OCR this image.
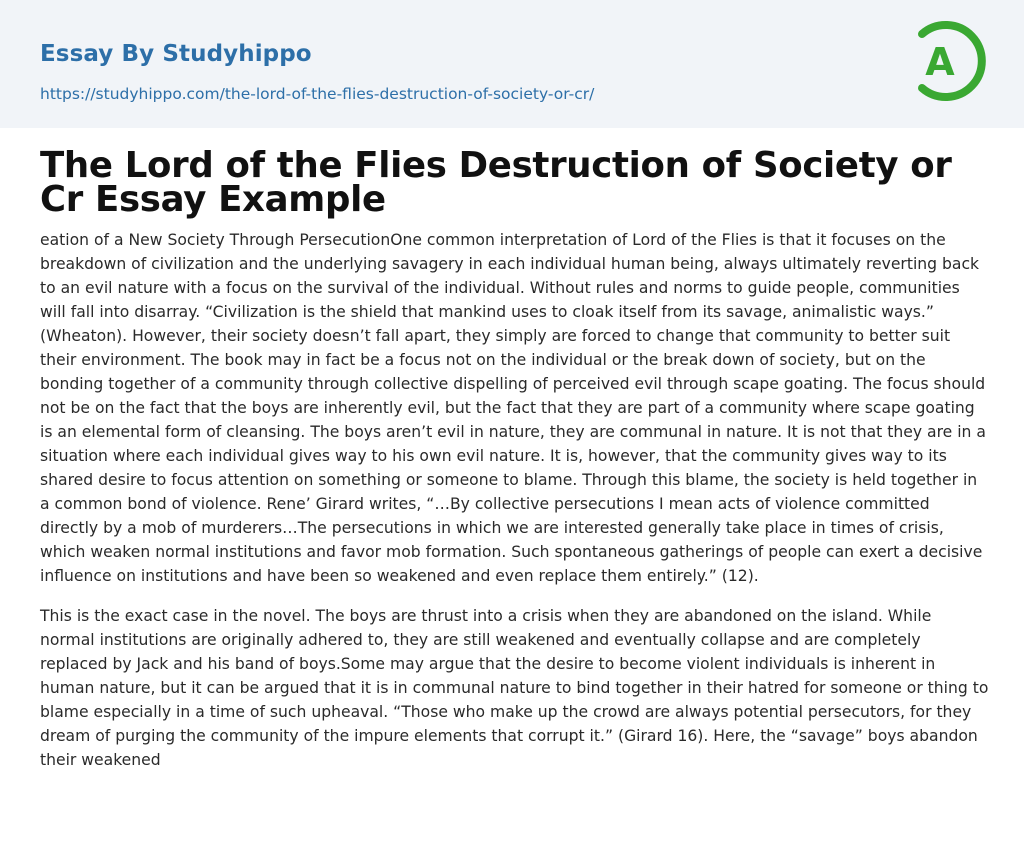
Essay By Studyhippo
https://studyhippo.com/the-lord-of-the-flies-destruction-of-society-or-cr/
A
The Lord of the Flies Destruction of Society or Cr Essay Example

eation of a New Society Through PersecutionOne common interpretation of Lord of the Flies is that it focuses on the breakdown of civilization and the underlying savagery in each individual human being, always ultimately reverting back to an evil nature with a focus on the survival of the individual. Without rules and norms to guide people, communities will fall into disarray. “Civilization is the shield that mankind uses to cloak itself from its savage, animalistic ways.” (Wheaton). However, their society doesn’t fall apart, they simply are forced to change that community to better suit their environment. The book may in fact be a focus not on the individual or the break down of society, but on the bonding together of a community through collective dispelling of perceived evil through scape goating. The focus should not be on the fact that the boys are inherently evil, but the fact that they are part of a community where scape goating is an elemental form of cleansing. The boys aren’t evil in nature, they are communal in nature. It is not that they are in a situation where each individual gives way to his own evil nature. It is, however, that the community gives way to its shared desire to focus attention on something or someone to blame. Through this blame, the society is held together in a common bond of violence. Rene’ Girard writes, “…By collective persecutions I mean acts of violence committed directly by a mob of murderers…The persecutions in which we are interested generally take place in times of crisis, which weaken normal institutions and favor mob formation. Such spontaneous gatherings of people can exert a decisive influence on institutions and have been so weakened and even replace them entirely.” (12).

This is the exact case in the novel. The boys are thrust into a crisis when they are abandoned on the island. While normal institutions are originally adhered to, they are still weakened and eventually collapse and are completely replaced by Jack and his band of boys.Some may argue that the desire to become violent individuals is inherent in human nature, but it can be argued that it is in communal nature to bind together in their hatred for someone or thing to blame especially in a time of such upheaval. “Those who make up the crowd are always potential persecutors, for they dream of purging the community of the impure elements that corrupt it.” (Girard 16). Here, the “savage” boys abandon their weakened
